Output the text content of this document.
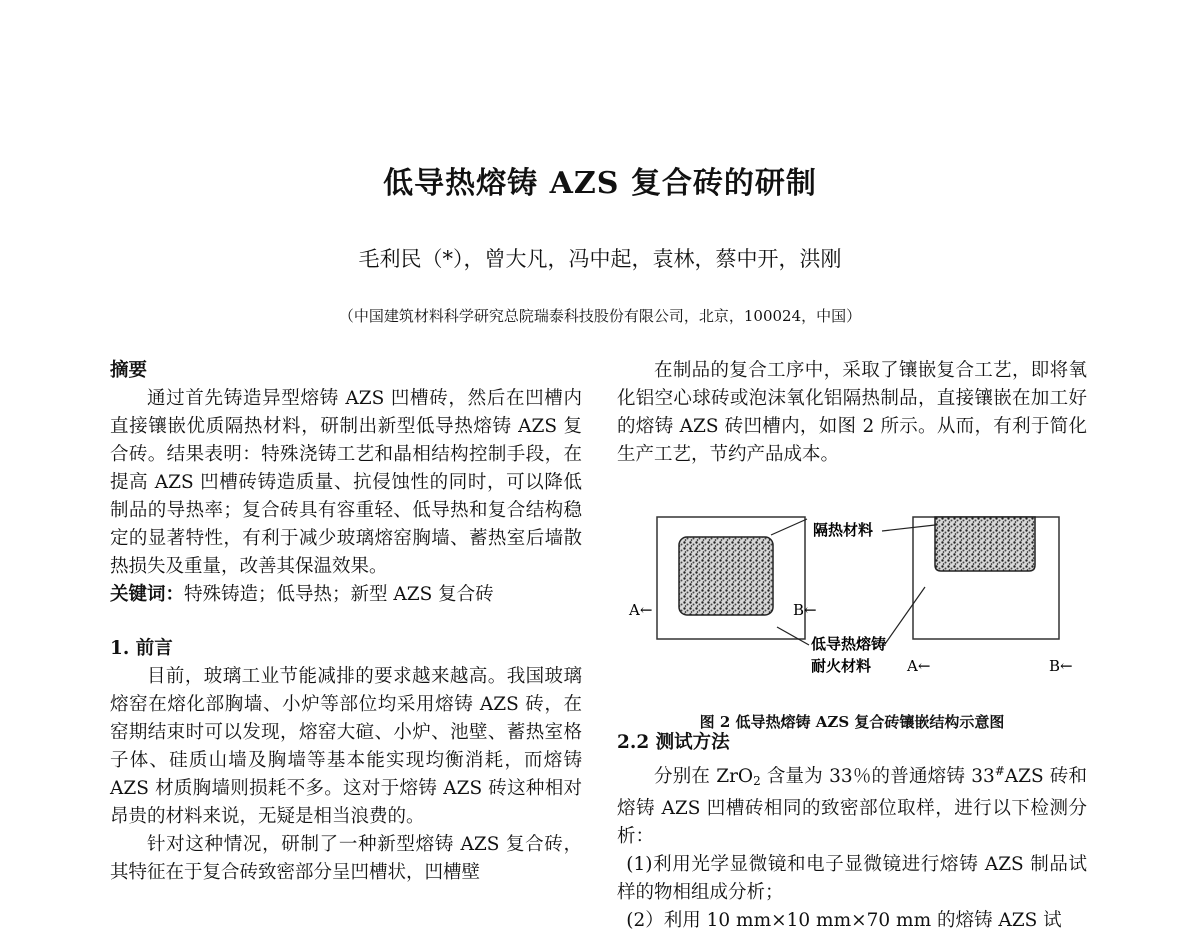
低导热熔铸 AZS 复合砖的研制
毛利民（*），曾大凡，冯中起，袁林，蔡中开，洪刚
（中国建筑材料科学研究总院瑞泰科技股份有限公司，北京，100024，中国）

摘要

通过首先铸造异型熔铸 AZS 凹槽砖，然后在凹槽内直接镶嵌优质隔热材料，研制出新型低导热熔铸 AZS 复合砖。结果表明：特殊浇铸工艺和晶相结构控制手段，在提高 AZS 凹槽砖铸造质量、抗侵蚀性的同时，可以降低制品的导热率；复合砖具有容重轻、低导热和复合结构稳定的显著特性，有利于减少玻璃熔窑胸墙、蓄热室后墙散热损失及重量，改善其保温效果。

关键词：特殊铸造；低导热；新型 AZS 复合砖

1. 前言

目前，玻璃工业节能减排的要求越来越高。我国玻璃熔窑在熔化部胸墙、小炉等部位均采用熔铸 AZS 砖，在窑期结束时可以发现，熔窑大碹、小炉、池壁、蓄热室格子体、硅质山墙及胸墙等基本能实现均衡消耗，而熔铸 AZS 材质胸墙则损耗不多。这对于熔铸 AZS 砖这种相对昂贵的材料来说，无疑是相当浪费的。

针对这种情况，研制了一种新型熔铸 AZS 复合砖，其特征在于复合砖致密部分呈凹槽状，凹槽壁

在制品的复合工序中，采取了镶嵌复合工艺，即将氧化铝空心球砖或泡沫氧化铝隔热制品，直接镶嵌在加工好的熔铸 AZS 砖凹槽内，如图 2 所示。从而，有利于简化生产工艺，节约产品成本。

隔热材料
低导热熔铸
耐火材料
A←	B←
A←	B←
图 2 低导热熔铸 AZS 复合砖镶嵌结构示意图

2.2 测试方法

分别在 ZrO$_2$ 含量为 33％的普通熔铸 33#AZS 砖和熔铸 AZS 凹槽砖相同的致密部位取样，进行以下检测分析：

(1)利用光学显微镜和电子显微镜进行熔铸 AZS 制品试样的物相组成分析；

(2）利用 10 mm×10 mm×70 mm 的熔铸 AZS 试
